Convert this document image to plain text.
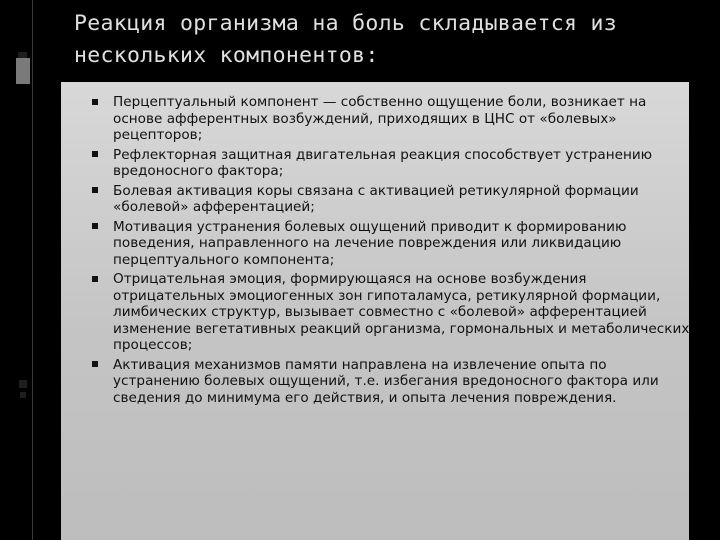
Реакция организма на боль складывается из нескольких компонентов:
Перцептуальный компонент — собственно ощущение боли, возникает на основе афферентных возбуждений, приходящих в ЦНС от «болевых» рецепторов;
Рефлекторная защитная двигательная реакция способствует устранению вредоносного фактора;
Болевая активация коры связана с активацией ретикулярной формации «болевой» афферентацией;
Мотивация устранения болевых ощущений приводит к формированию поведения, направленного на лечение повреждения или ликвидацию перцептуального компонента;
Отрицательная эмоция, формирующаяся на основе возбуждения отрицательных эмоциогенных зон гипоталамуса, ретикулярной формации, лимбических структур, вызывает совместно с «болевой» афферентацией изменение вегетативных реакций организма, гормональных и метаболических процессов;
Активация механизмов памяти направлена на извлечение опыта по устранению болевых ощущений, т.е. избегания вредоносного фактора или сведения до минимума его действия, и опыта лечения повреждения.
